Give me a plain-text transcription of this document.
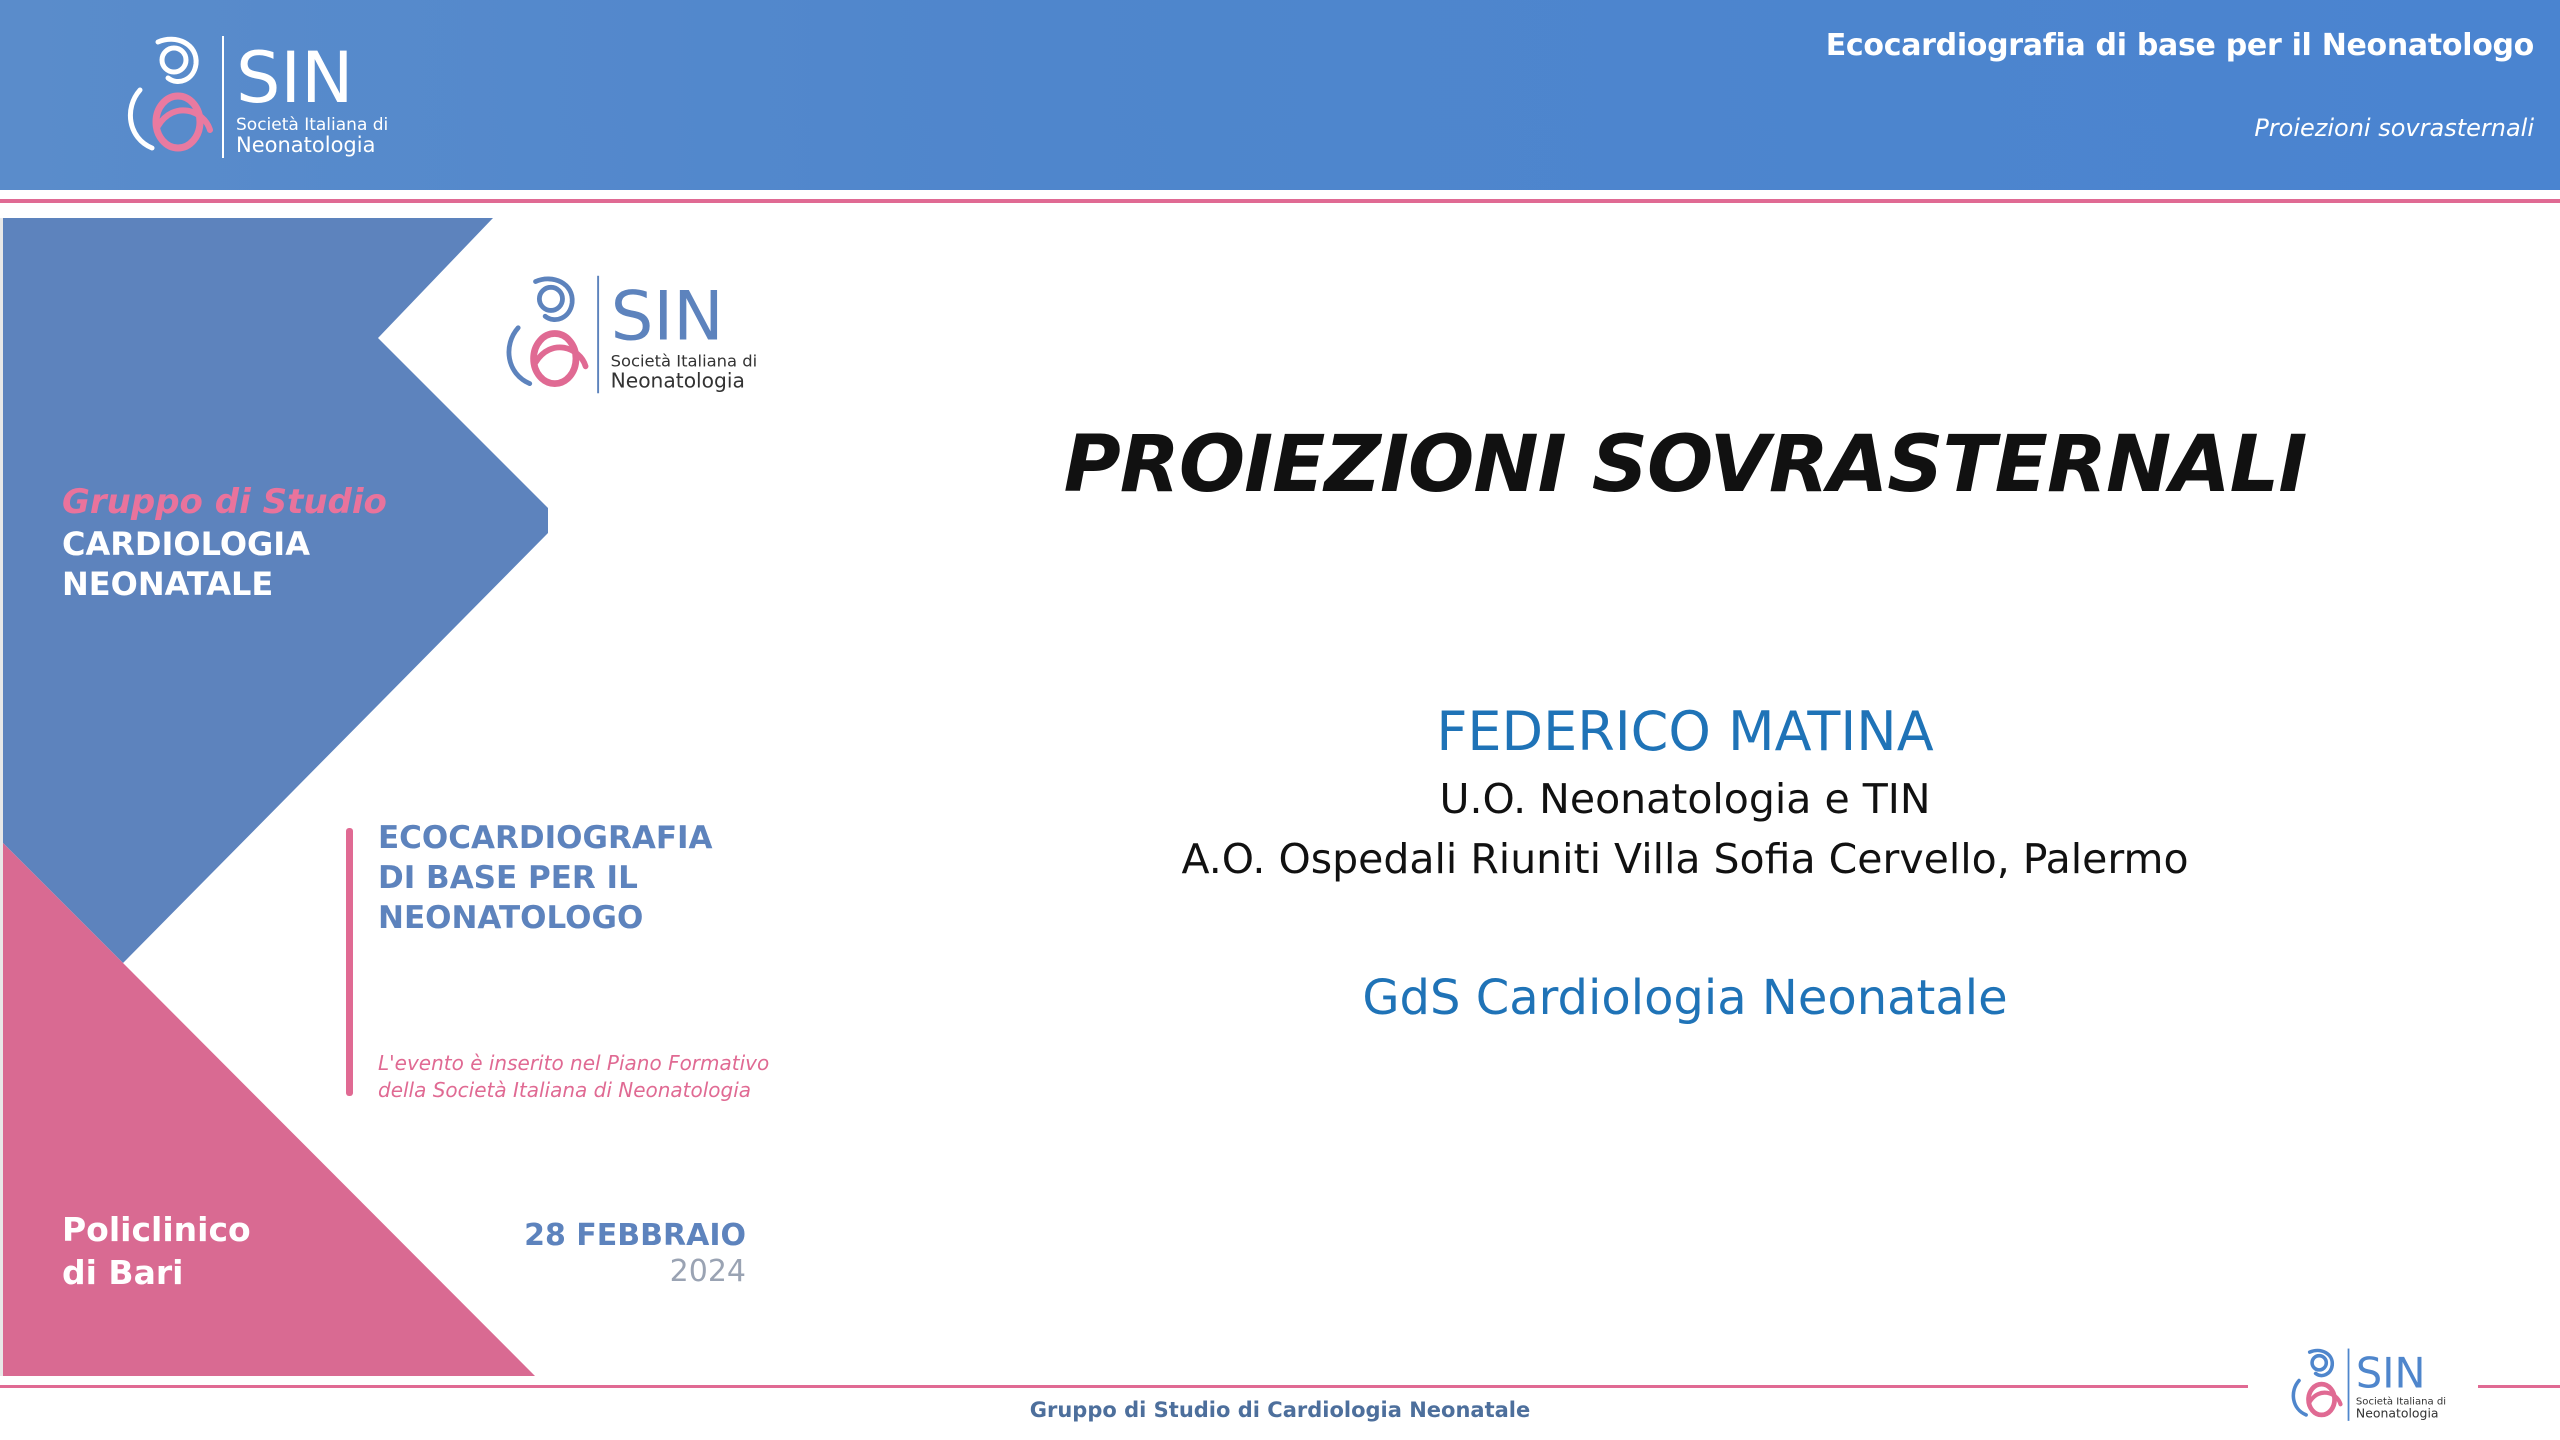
SIN
Società Italiana di
Neonatologia
Ecocardiografia di base per il Neonatologo
Proiezioni sovrasternali
SIN
Società Italiana di
Neonatologia
Gruppo di Studio
CARDIOLOGIA
NEONATALE
ECOCARDIOGRAFIA
DI BASE PER IL
NEONATOLOGO
L'evento è inserito nel Piano Formativo
della Società Italiana di Neonatologia
Policlinico
di Bari
28 FEBBRAIO
2024
PROIEZIONI SOVRASTERNALI
FEDERICO MATINA
U.O. Neonatologia e TIN
A.O. Ospedali Riuniti Villa Sofia Cervello, Palermo
GdS Cardiologia Neonatale
Gruppo di Studio di Cardiologia Neonatale
SIN
Società Italiana di
Neonatologia
